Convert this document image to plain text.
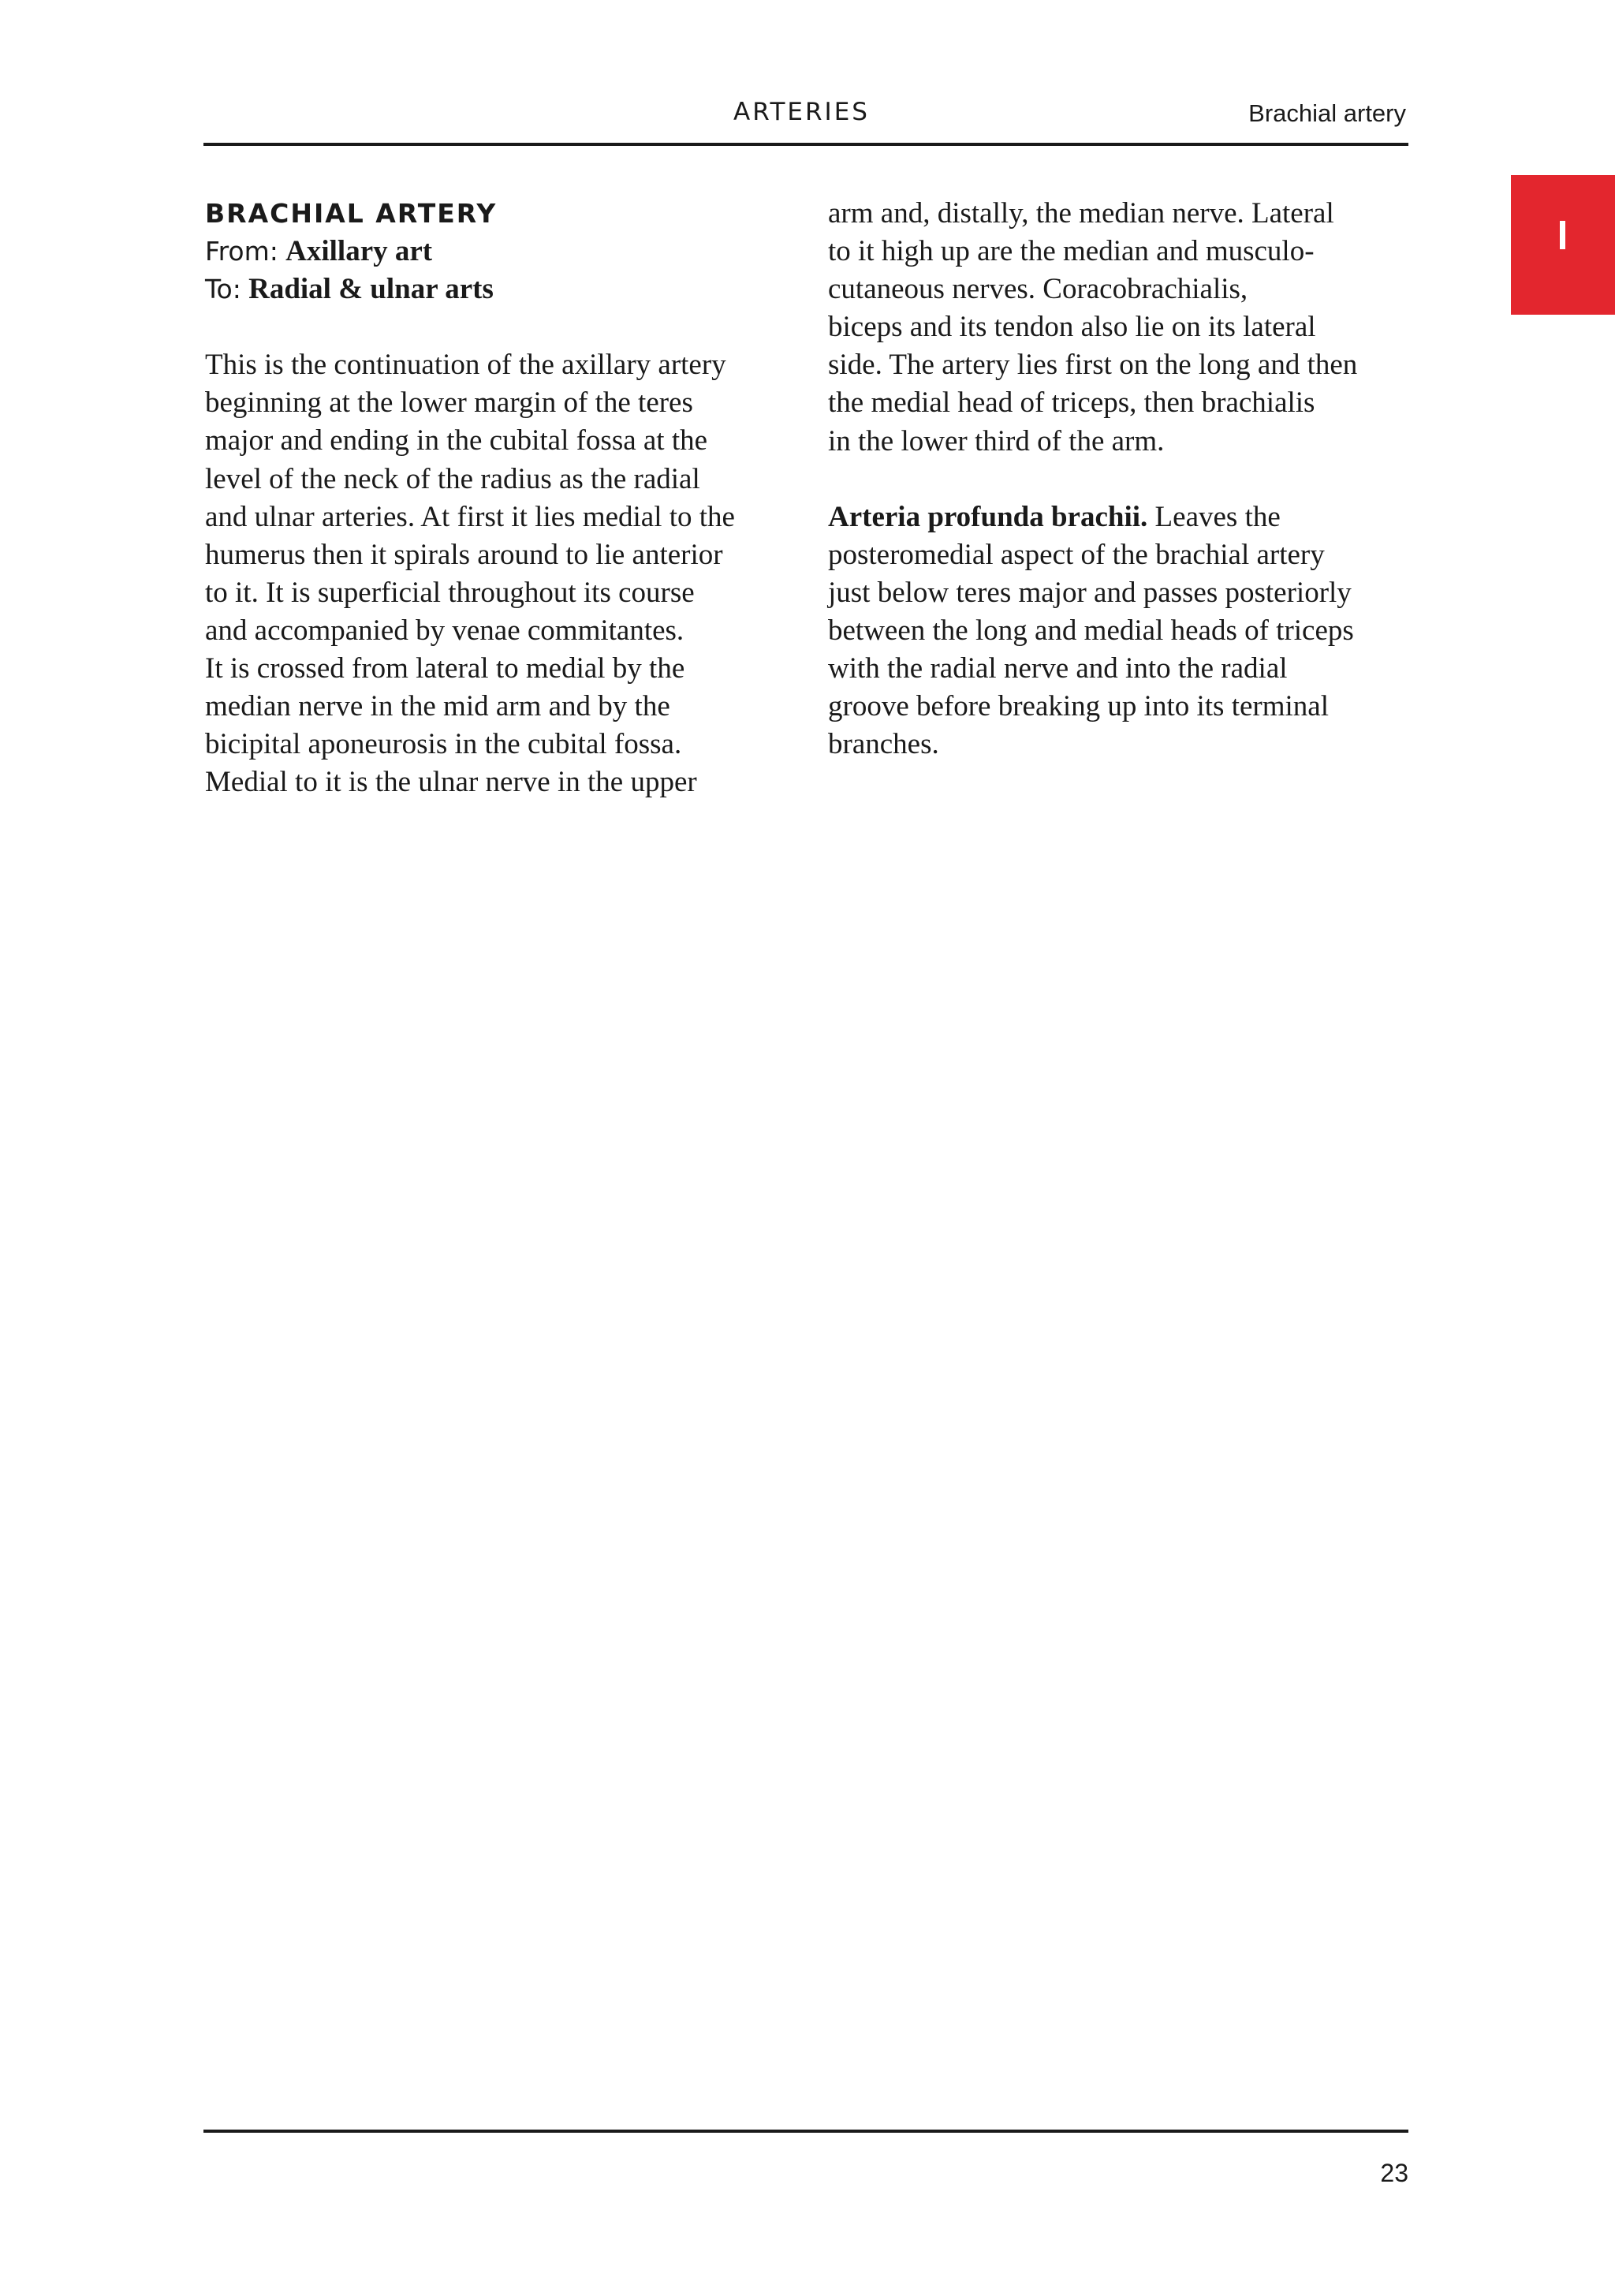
ARTERIES	Brachial artery
BRACHIAL ARTERY
From: Axillary art
To: Radial & ulnar arts
This is the continuation of the axillary artery
beginning at the lower margin of the teres
major and ending in the cubital fossa at the
level of the neck of the radius as the radial
and ulnar arteries. At first it lies medial to the
humerus then it spirals around to lie anterior
to it. It is superficial throughout its course
and accompanied by venae commitantes.
It is crossed from lateral to medial by the
median nerve in the mid arm and by the
bicipital aponeurosis in the cubital fossa.
Medial to it is the ulnar nerve in the upper
arm and, distally, the median nerve. Lateral
to it high up are the median and musculo-
cutaneous nerves. Coracobrachialis,
biceps and its tendon also lie on its lateral
side. The artery lies first on the long and then
the medial head of triceps, then brachialis
in the lower third of the arm.
Arteria profunda brachii. Leaves the
posteromedial aspect of the brachial artery
just below teres major and passes posteriorly
between the long and medial heads of triceps
with the radial nerve and into the radial
groove before breaking up into its terminal
branches.
23
